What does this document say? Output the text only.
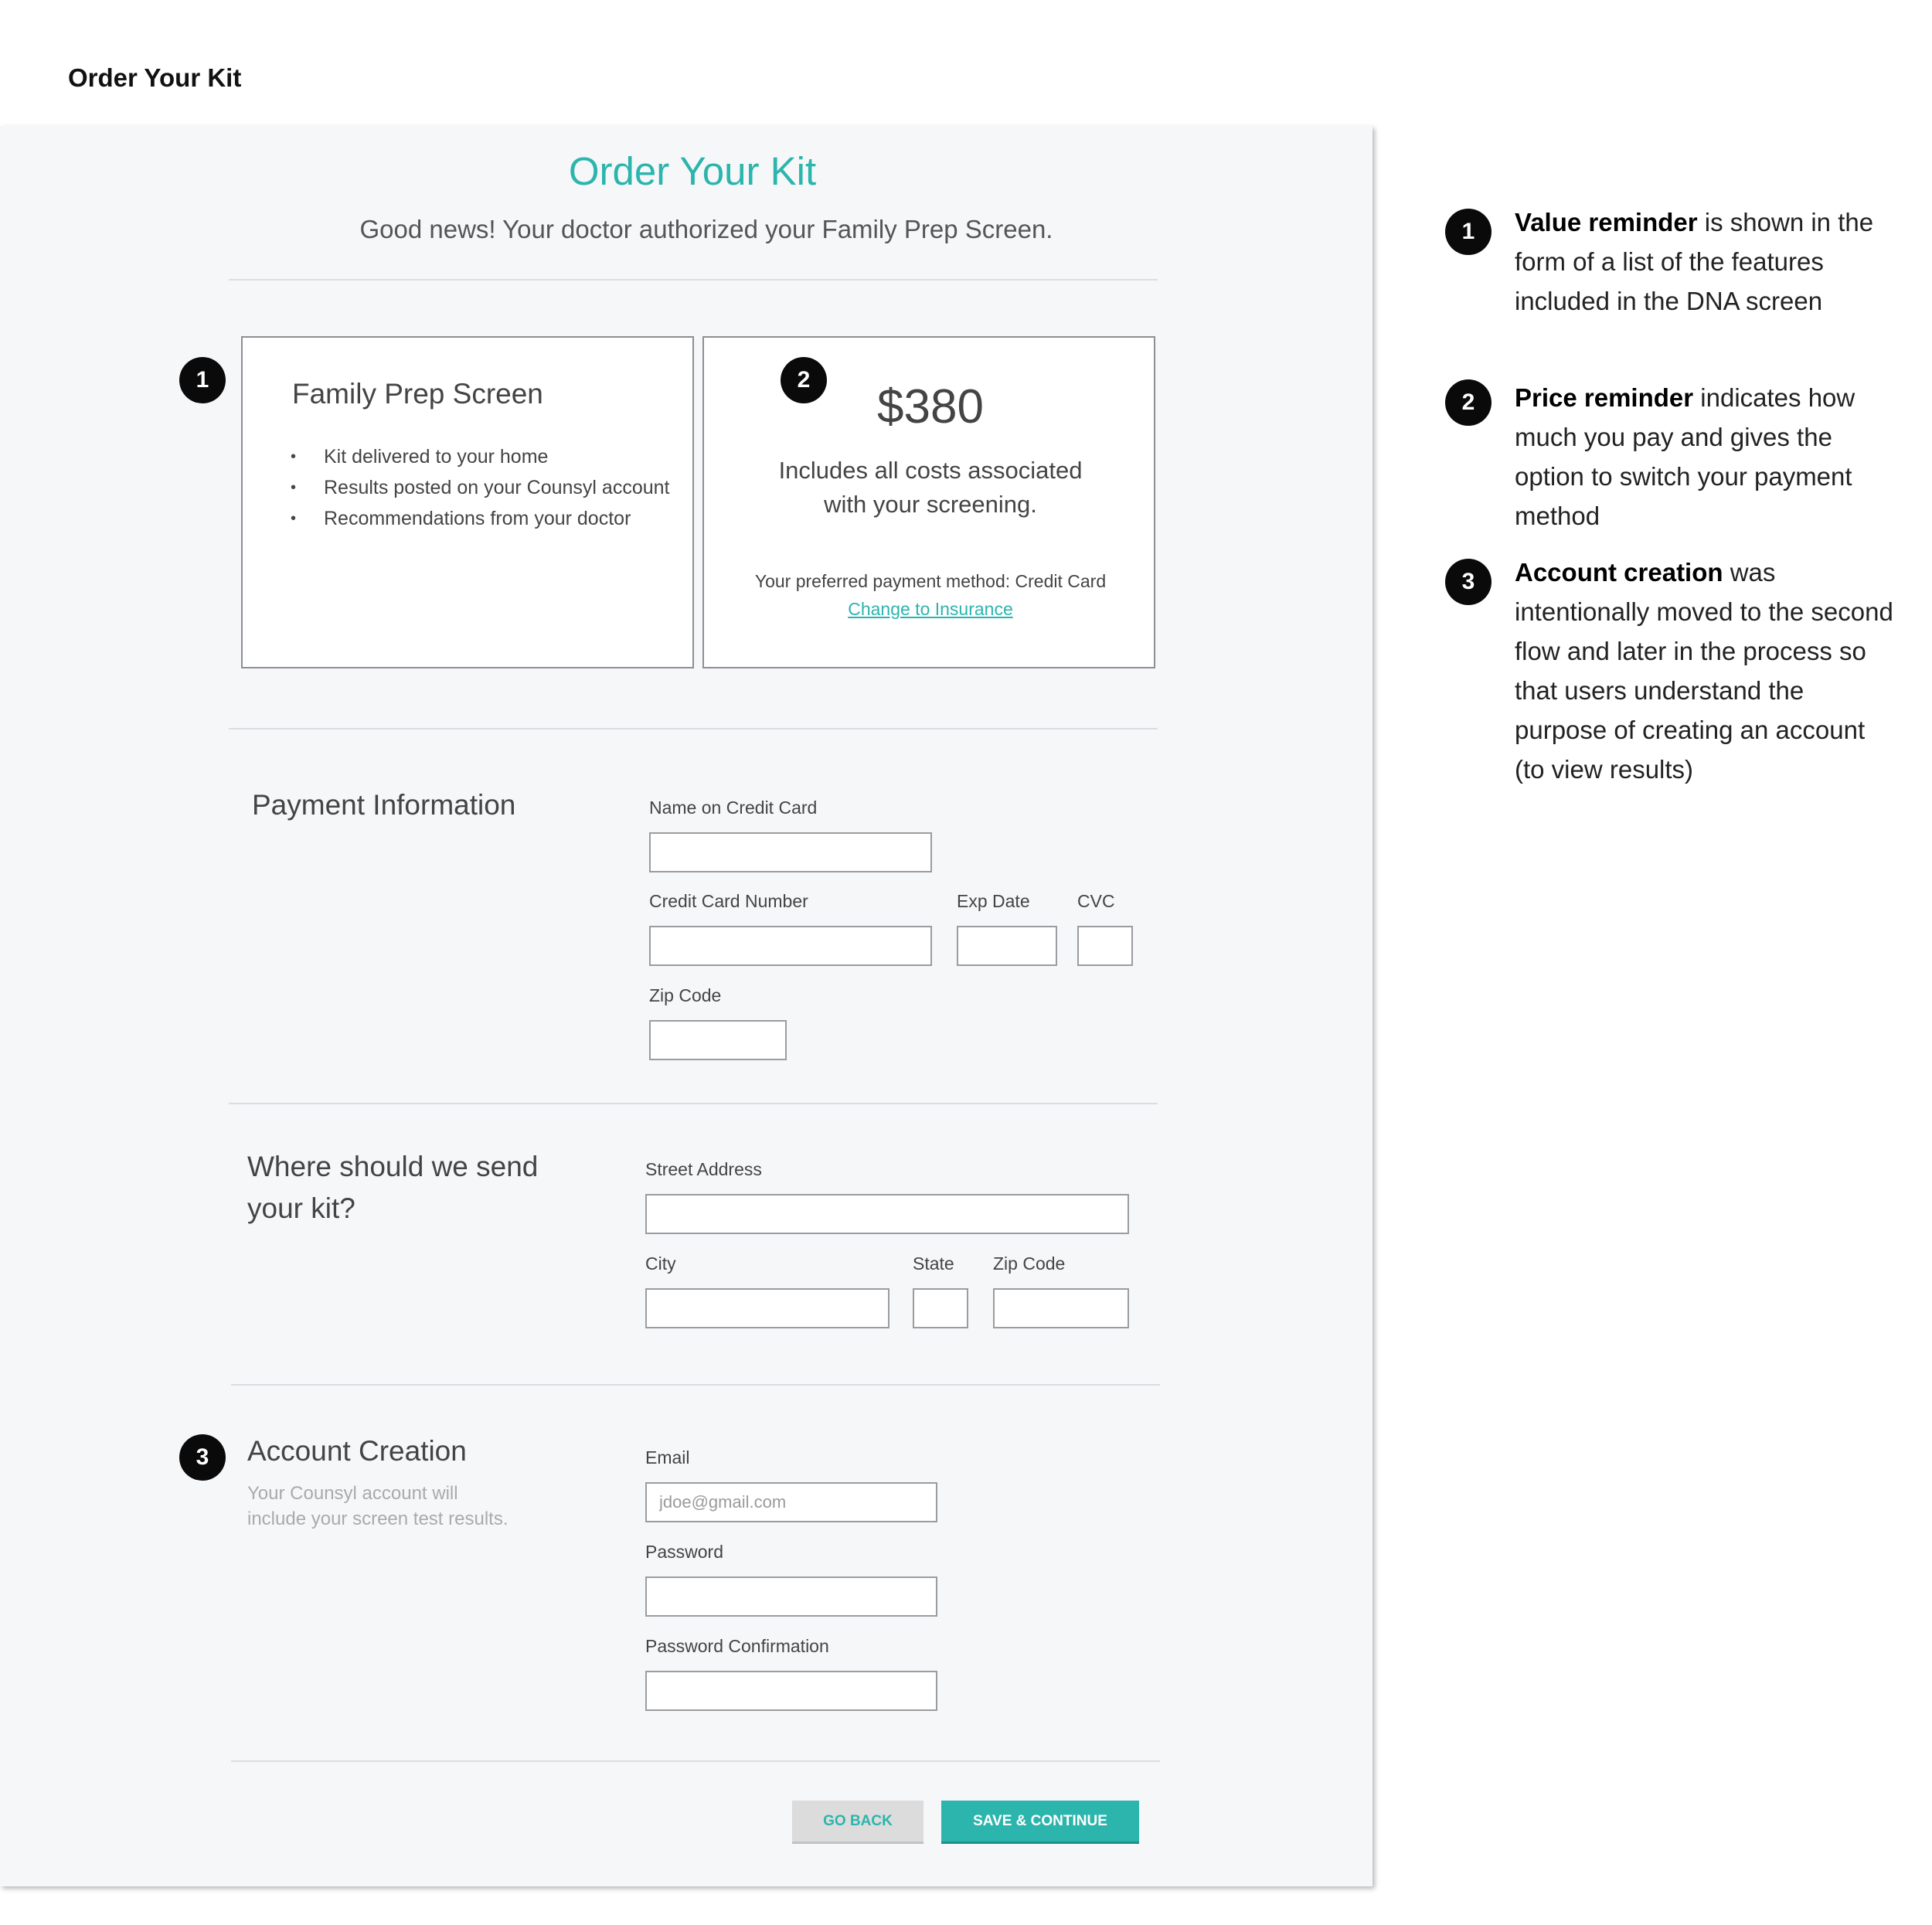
Order Your Kit
Order Your Kit
Good news! Your doctor authorized your Family Prep Screen.
Family Prep Screen
• Kit delivered to your home
• Results posted on your Counsyl account
• Recommendations from your doctor
$380
Includes all costs associated
with your screening.
Your preferred payment method: Credit Card
Change to Insurance
Payment Information	Name on Credit Card
Credit Card Number	Exp Date	CVC
Zip Code
Where should we send
your kit?
Street Address
City	State Zip Code
Account Creation
Your Counsyl account will
include your screen test results.
Email
jdoe@gmail.com
Password
Password Confirmation
GO BACK	SAVE & CONTINUE
1	2
3
1	Value reminder is shown in the form of a list of the features included in the DNA screen
2	Price reminder indicates how much you pay and gives the option to switch your payment method
3	Account creation was intentionally moved to the second flow and later in the process so that users understand the purpose of creating an account (to view results)
